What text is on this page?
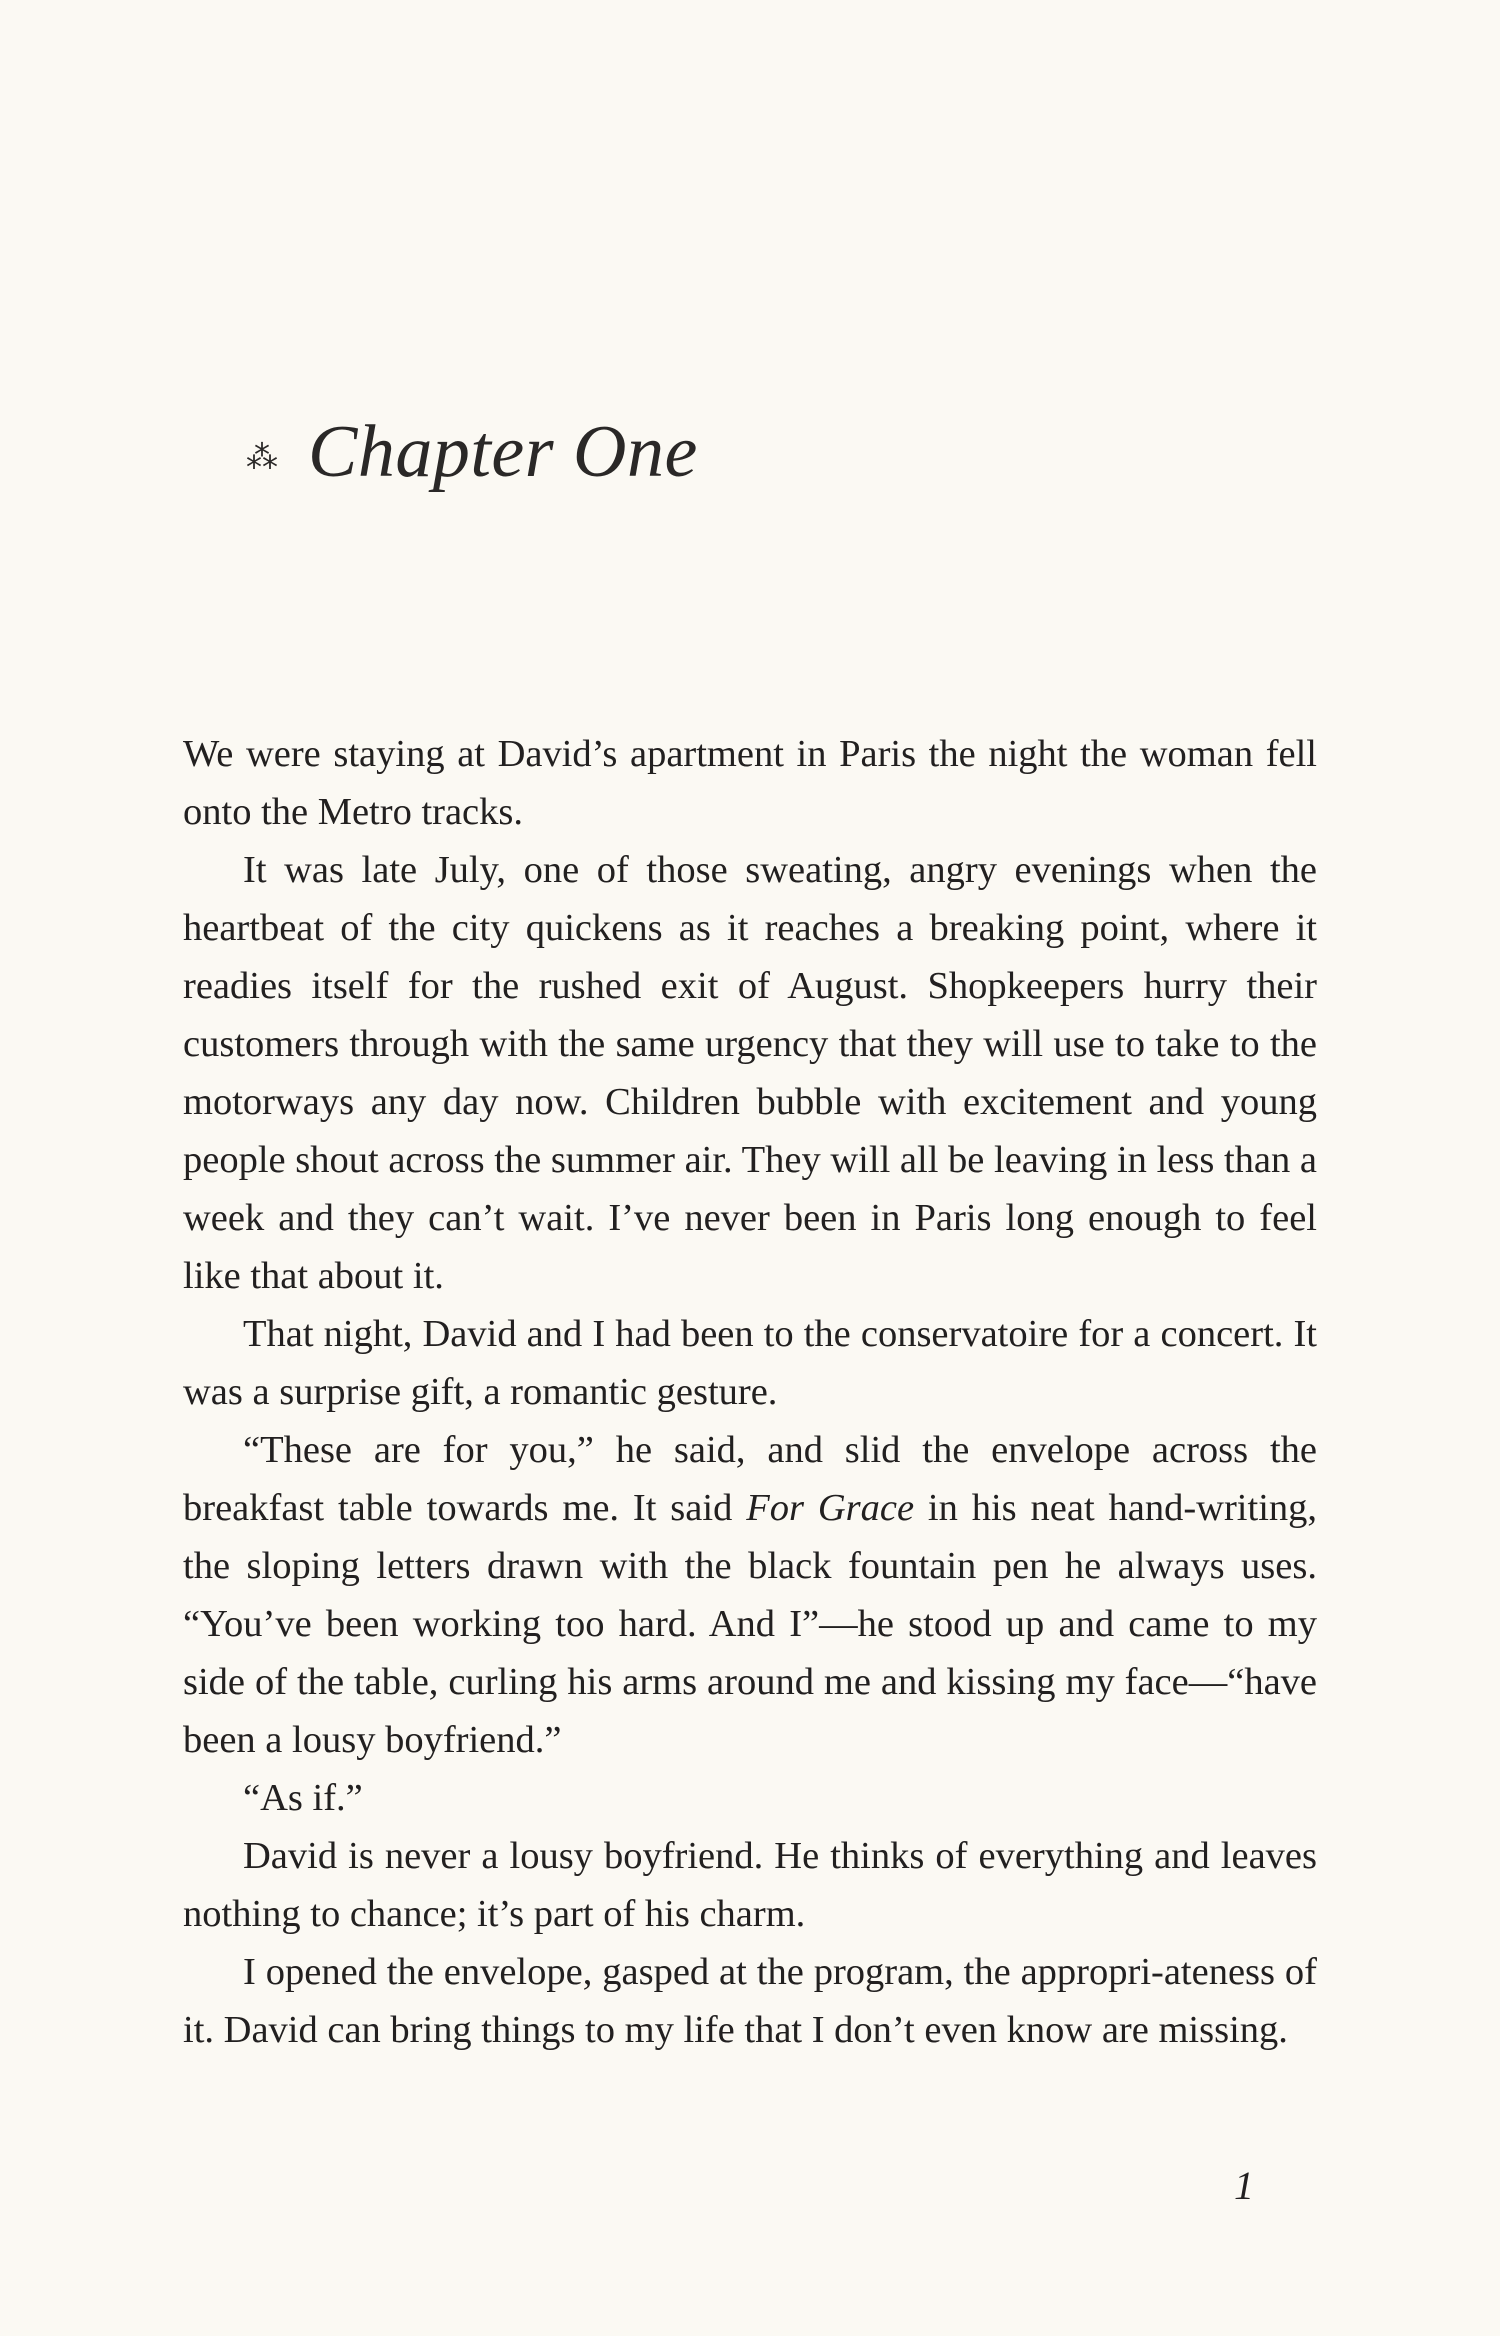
⁂ Chapter One

We were staying at David’s apartment in Paris the night the woman fell onto the Metro tracks.

It was late July, one of those sweating, angry evenings when the heartbeat of the city quickens as it reaches a breaking point, where it readies itself for the rushed exit of August. Shopkeepers hurry their customers through with the same urgency that they will use to take to the motorways any day now. Children bubble with excitement and young people shout across the summer air. They will all be leaving in less than a week and they can’t wait. I’ve never been in Paris long enough to feel like that about it.

That night, David and I had been to the conservatoire for a concert. It was a surprise gift, a romantic gesture.

“These are for you,” he said, and slid the envelope across the breakfast table towards me. It said For Grace in his neat hand-writing, the sloping letters drawn with the black fountain pen he always uses. “You’ve been working too hard. And I”—he stood up and came to my side of the table, curling his arms around me and kissing my face—“have been a lousy boyfriend.”

“As if.”

David is never a lousy boyfriend. He thinks of everything and leaves nothing to chance; it’s part of his charm.

I opened the envelope, gasped at the program, the appropri-ateness of it. David can bring things to my life that I don’t even know are missing.

1
